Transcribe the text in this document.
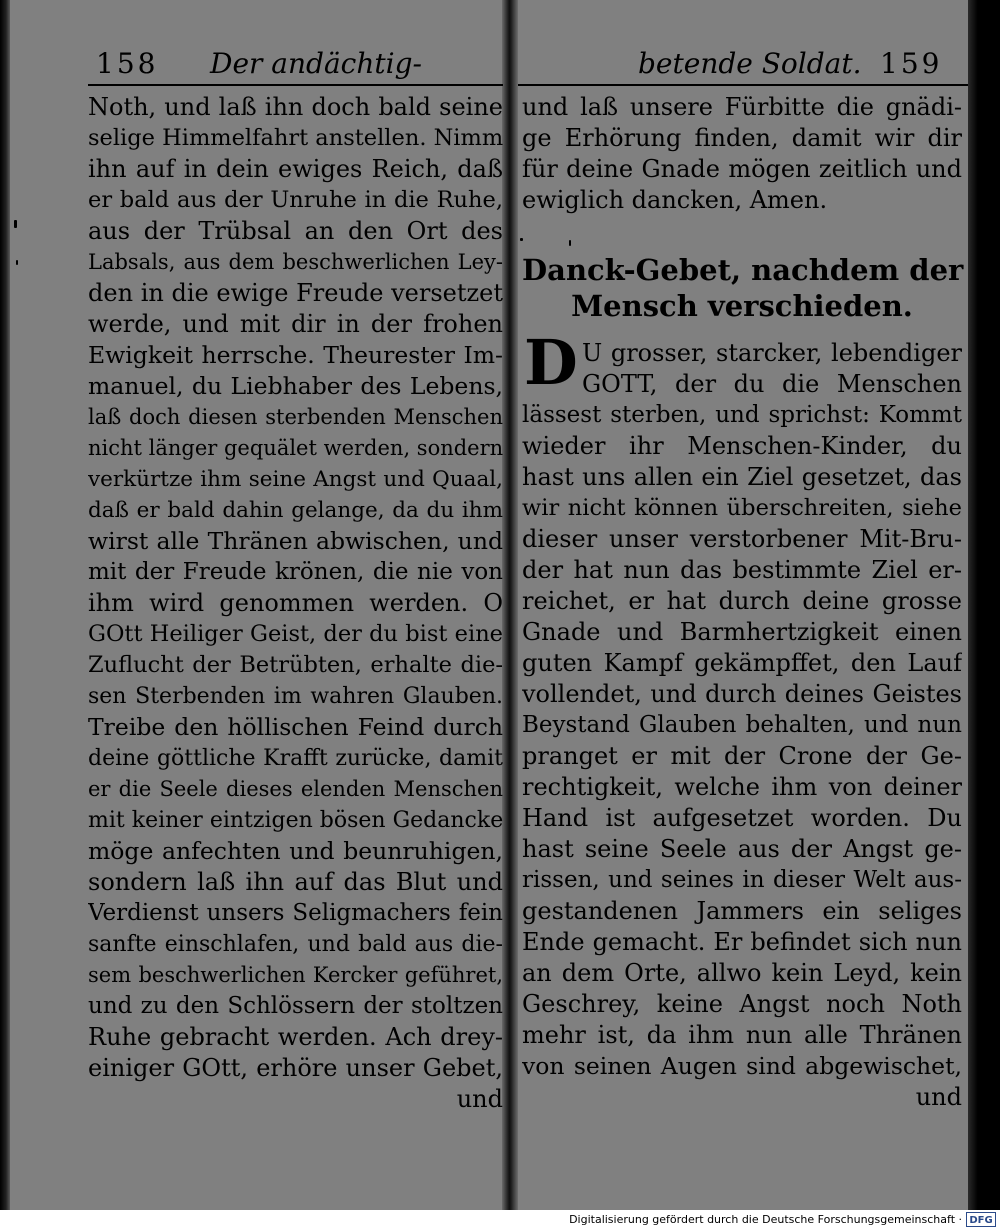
158 Der andächtig-
Noth, und laß ihn doch bald seine
selige Himmelfahrt anstellen. Nimm
ihn auf in dein ewiges Reich, daß
er bald aus der Unruhe in die Ruhe,
aus der Trübsal an den Ort des
Labsals, aus dem beschwerlichen Ley-
den in die ewige Freude versetzet
werde, und mit dir in der frohen
Ewigkeit herrsche. Theurester Im-
manuel, du Liebhaber des Lebens,
laß doch diesen sterbenden Menschen
nicht länger gequälet werden, sondern
verkürtze ihm seine Angst und Quaal,
daß er bald dahin gelange, da du ihm
wirst alle Thränen abwischen, und
mit der Freude krönen, die nie von
ihm wird genommen werden. O
GOtt Heiliger Geist, der du bist eine
Zuflucht der Betrübten, erhalte die-
sen Sterbenden im wahren Glauben.
Treibe den höllischen Feind durch
deine göttliche Krafft zurücke, damit
er die Seele dieses elenden Menschen
mit keiner eintzigen bösen Gedancke
möge anfechten und beunruhigen,
sondern laß ihn auf das Blut und
Verdienst unsers Seligmachers fein
sanfte einschlafen, und bald aus die-
sem beschwerlichen Kercker geführet,
und zu den Schlössern der stoltzen
Ruhe gebracht werden. Ach drey-
einiger GOtt, erhöre unser Gebet,
und
betende Soldat. 159
und laß unsere Fürbitte die gnädi-
ge Erhörung finden, damit wir dir
für deine Gnade mögen zeitlich und
ewiglich dancken, Amen.
Danck-Gebet, nachdem der
Mensch verschieden.
D U grosser, starcker, lebendiger
GOTT, der du die Menschen
lässest sterben, und sprichst: Kommt
wieder ihr Menschen-Kinder, du
hast uns allen ein Ziel gesetzet, das
wir nicht können überschreiten, siehe
dieser unser verstorbener Mit-Bru-
der hat nun das bestimmte Ziel er-
reichet, er hat durch deine grosse
Gnade und Barmhertzigkeit einen
guten Kampf gekämpffet, den Lauf
vollendet, und durch deines Geistes
Beystand Glauben behalten, und nun
pranget er mit der Crone der Ge-
rechtigkeit, welche ihm von deiner
Hand ist aufgesetzet worden. Du
hast seine Seele aus der Angst ge-
rissen, und seines in dieser Welt aus-
gestandenen Jammers ein seliges
Ende gemacht. Er befindet sich nun
an dem Orte, allwo kein Leyd, kein
Geschrey, keine Angst noch Noth
mehr ist, da ihm nun alle Thränen
von seinen Augen sind abgewischet,
und
Digitalisierung gefördert durch die Deutsche Forschungsgemeinschaft · DFG
